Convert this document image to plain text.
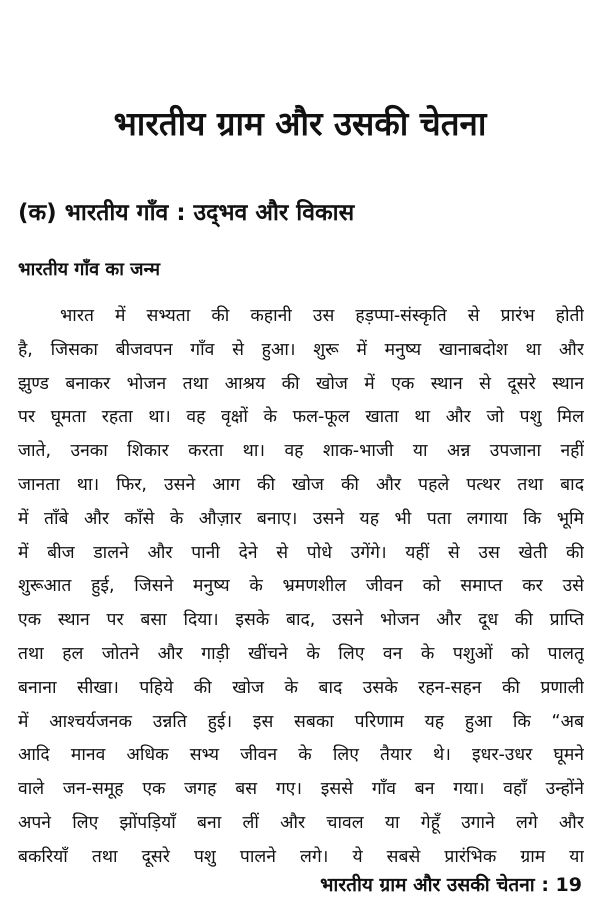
भारतीय ग्राम और उसकी चेतना
(क) भारतीय गाँव : उद्‌भव और विकास
भारतीय गाँव का जन्म
भारत में सभ्यता की कहानी उस हड़प्पा-संस्कृति से प्रारंभ होती
है, जिसका बीजवपन गाँव से हुआ। शुरू में मनुष्य खानाबदोश था और
झुण्ड बनाकर भोजन तथा आश्रय की खोज में एक स्थान से दूसरे स्थान
पर घूमता रहता था। वह वृक्षों के फल-फूल खाता था और जो पशु मिल
जाते, उनका शिकार करता था। वह शाक-भाजी या अन्न उपजाना नहीं
जानता था। फिर, उसने आग की खोज की और पहले पत्थर तथा बाद
में ताँबे और काँसे के औज़ार बनाए। उसने यह भी पता लगाया कि भूमि
में बीज डालने और पानी देने से पोधे उगेंगे। यहीं से उस खेती की
शुरूआत हुई, जिसने मनुष्य के भ्रमणशील जीवन को समाप्त कर उसे
एक स्थान पर बसा दिया। इसके बाद, उसने भोजन और दूध की प्राप्ति
तथा हल जोतने और गाड़ी खींचने के लिए वन के पशुओं को पालतू
बनाना सीखा। पहिये की खोज के बाद उसके रहन-सहन की प्रणाली
में आश्चर्यजनक उन्नति हुई। इस सबका परिणाम यह हुआ कि “अब
आदि मानव अधिक सभ्य जीवन के लिए तैयार थे। इधर-उधर घूमने
वाले जन-समूह एक जगह बस गए। इससे गाँव बन गया। वहाँ उन्होंने
अपने लिए झोंपड़ियाँ बना लीं और चावल या गेहूँ उगाने लगे और
बकरियाँ तथा दूसरे पशु पालने लगे। ये सबसे प्रारंभिक ग्राम या
भारतीय ग्राम और उसकी चेतना : 19
